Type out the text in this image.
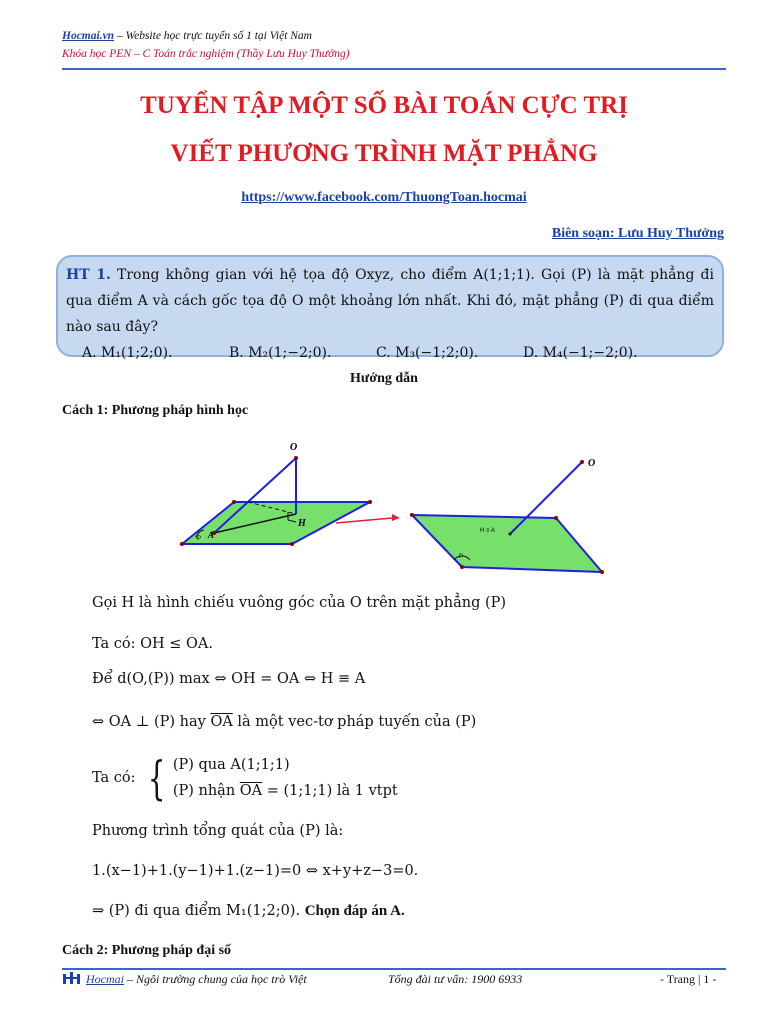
Hocmai.vn – Website học trực tuyến số 1 tại Việt Nam
Khóa học PEN – C Toán trắc nghiệm (Thầy Lưu Huy Thưởng)
TUYỂN TẬP MỘT SỐ BÀI TOÁN CỰC TRỊ
VIẾT PHƯƠNG TRÌNH MẶT PHẲNG
https://www.facebook.com/ThuongToan.hocmai
Biên soạn: Lưu Huy Thưởng
HT 1. Trong không gian với hệ tọa độ Oxyz, cho điểm A(1;1;1). Gọi (P) là mặt phẳng đi qua điểm A và cách gốc tọa độ O một khoảng lớn nhất. Khi đó, mặt phẳng (P) đi qua điểm nào sau đây?
A. M₁(1;2;0).	B. M₂(1;−2;0).	C. M₃(−1;2;0).	D. M₄(−1;−2;0).
Hướng dẫn
Cách 1: Phương pháp hình học
O
H
A
P
O
H ≡ A
P
Gọi H là hình chiếu vuông góc của O trên mặt phẳng (P)
Ta có: OH ≤ OA.
Để d(O,(P)) max ⇔ OH = OA ⇔ H ≡ A
⇔ OA ⊥ (P) hay $\overline{OA}$ là một vec-tơ pháp tuyến của (P)
Ta có: { (P) qua A(1;1;1)
(P) nhận $\overline{OA}$ = (1;1;1) là 1 vtpt
Phương trình tổng quát của (P) là:
1.(x−1)+1.(y−1)+1.(z−1)=0 ⇔ x+y+z−3=0.
⇒ (P) đi qua điểm M₁(1;2;0). Chọn đáp án A.
Cách 2: Phương pháp đại số
Hocmai – Ngôi trường chung của học trò Việt	Tổng đài tư vấn: 1900 6933	- Trang | 1 -
